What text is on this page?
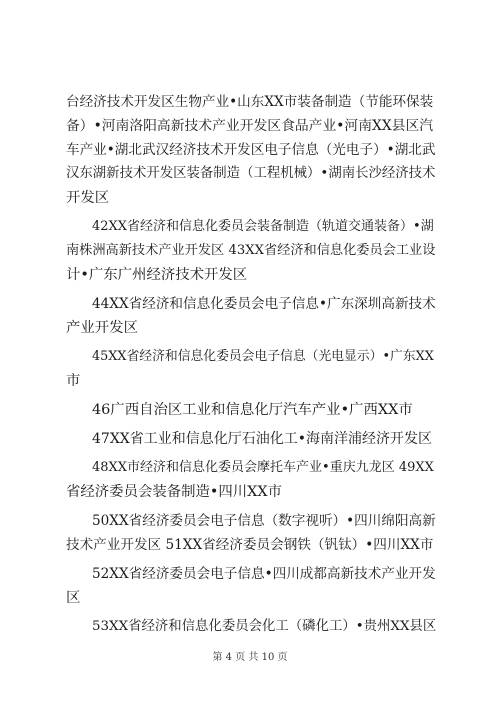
台经济技术开发区生物产业•山东XX市装备制造（节能环保装
备）•河南洛阳高新技术产业开发区食品产业•河南XX县区汽
车产业•湖北武汉经济技术开发区电子信息（光电子）•湖北武
汉东湖新技术开发区装备制造（工程机械）•湖南长沙经济技术
开发区
42XX省经济和信息化委员会装备制造（轨道交通装备）•湖
南株洲高新技术产业开发区 43XX省经济和信息化委员会工业设
计•广东广州经济技术开发区
44XX省经济和信息化委员会电子信息•广东深圳高新技术
产业开发区
45XX省经济和信息化委员会电子信息（光电显示）•广东XX
市
46广西自治区工业和信息化厅汽车产业•广西XX市
47XX省工业和信息化厅石油化工•海南洋浦经济开发区
48XX市经济和信息化委员会摩托车产业•重庆九龙区 49XX
省经济委员会装备制造•四川XX市
50XX省经济委员会电子信息（数字视听）•四川绵阳高新
技术产业开发区 51XX省经济委员会钢铁（钒钛）•四川XX市
52XX省经济委员会电子信息•四川成都高新技术产业开发
区
53XX省经济和信息化委员会化工（磷化工）•贵州XX县区
第 4 页 共 10 页
